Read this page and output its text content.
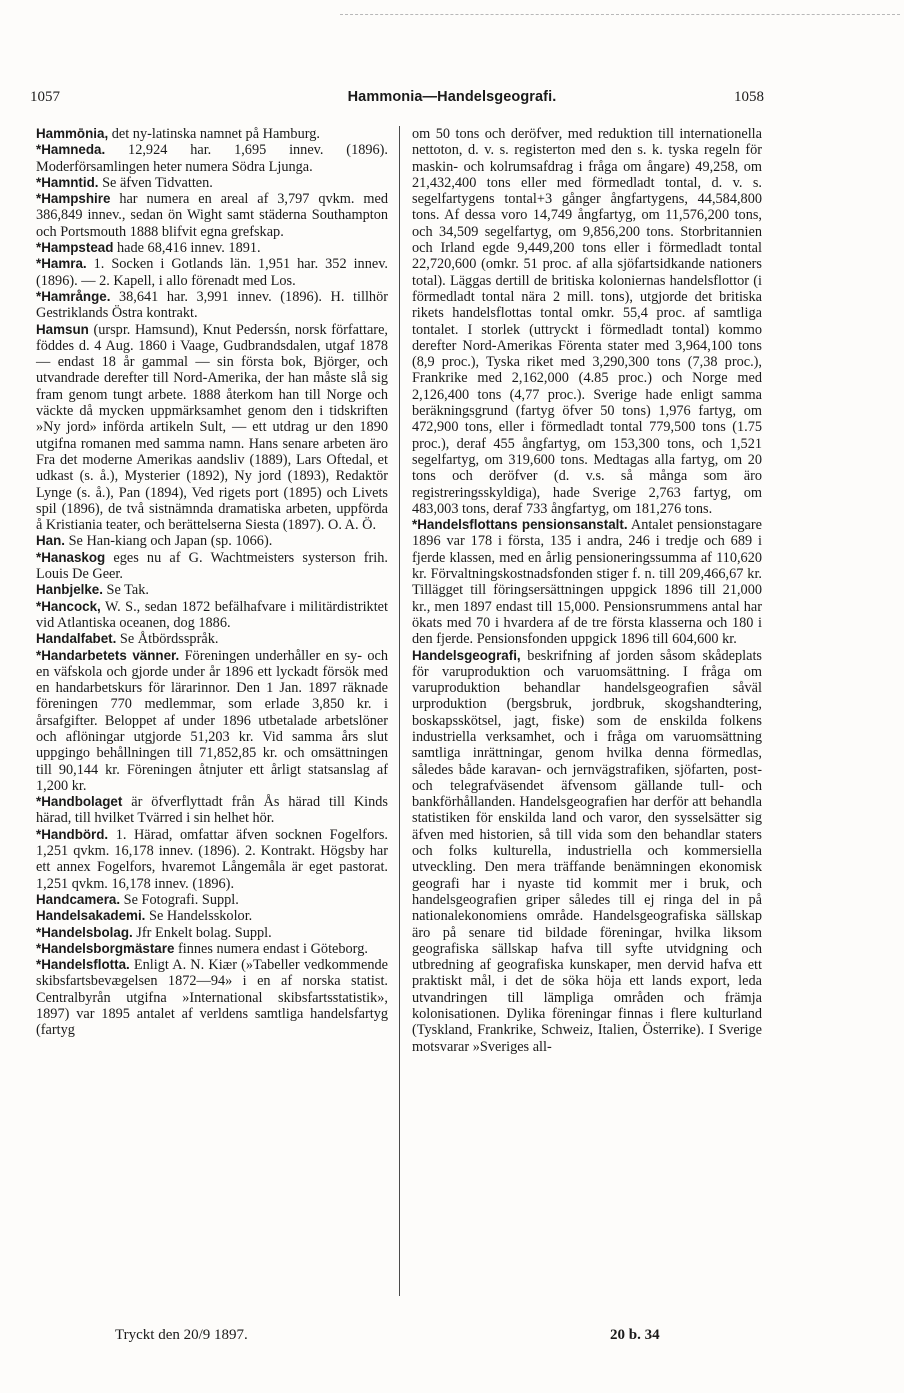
1057	Hammonia—Handelsgeografi.	1058

Hammōnia, det ny-latinska namnet på Hamburg.

*Hamneda. 12,924 har. 1,695 innev. (1896). Moderförsamlingen heter numera Södra Ljunga.

*Hamntid. Se äfven Tidvatten.

*Hampshire har numera en areal af 3,797 qvkm. med 386,849 innev., sedan ön Wight samt städerna Southampton och Portsmouth 1888 blifvit egna grefskap.

*Hampstead hade 68,416 innev. 1891.

*Hamra. 1. Socken i Gotlands län. 1,951 har. 352 innev. (1896). — 2. Kapell, i allo förenadt med Los.

*Hamrånge. 38,641 har. 3,991 innev. (1896). H. tillhör Gestriklands Östra kontrakt.

Hamsun (urspr. Hamsund), Knut Pedersśn, norsk författare, föddes d. 4 Aug. 1860 i Vaage, Gudbrandsdalen, utgaf 1878 — endast 18 år gammal — sin första bok, Björger, och utvandrade derefter till Nord-Amerika, der han måste slå sig fram genom tungt arbete. 1888 återkom han till Norge och väckte då mycken uppmärksamhet genom den i tidskriften »Ny jord» införda artikeln Sult, — ett utdrag ur den 1890 utgifna romanen med samma namn. Hans senare arbeten äro Fra det moderne Amerikas aandsliv (1889), Lars Oftedal, et udkast (s. å.), Mysterier (1892), Ny jord (1893), Redaktör Lynge (s. å.), Pan (1894), Ved rigets port (1895) och Livets spil (1896), de två sistnämnda dramatiska arbeten, uppförda å Kristiania teater, och berättelserna Siesta (1897). O. A. Ö.

Han. Se Han-kiang och Japan (sp. 1066).

*Hanaskog eges nu af G. Wachtmeisters systerson frih. Louis De Geer.

Hanbjelke. Se Tak.

*Hancock, W. S., sedan 1872 befälhafvare i militärdistriktet vid Atlantiska oceanen, dog 1886.

Handalfabet. Se Åtbördsspråk.

*Handarbetets vänner. Föreningen underhåller en sy- och en väfskola och gjorde under år 1896 ett lyckadt försök med en handarbetskurs för lärarinnor. Den 1 Jan. 1897 räknade föreningen 770 medlemmar, som erlade 3,850 kr. i årsafgifter. Beloppet af under 1896 utbetalade arbetslöner och aflöningar utgjorde 51,203 kr. Vid samma års slut uppgingo behållningen till 71,852,85 kr. och omsättningen till 90,144 kr. Föreningen åtnjuter ett årligt statsanslag af 1,200 kr.

*Handbolaget är öfverflyttadt från Ås härad till Kinds härad, till hvilket Tvärred i sin helhet hör.

*Handbörd. 1. Härad, omfattar äfven socknen Fogelfors. 1,251 qvkm. 16,178 innev. (1896). 2. Kontrakt. Högsby har ett annex Fogelfors, hvaremot Långemåla är eget pastorat. 1,251 qvkm. 16,178 innev. (1896).

Handcamera. Se Fotografi. Suppl.

Handelsakademi. Se Handelsskolor.

*Handelsbolag. Jfr Enkelt bolag. Suppl.

*Handelsborgmästare finnes numera endast i Göteborg.

*Handelsflotta. Enligt A. N. Kiær (»Tabeller vedkommende skibsfartsbevægelsen 1872—94» i en af norska statist. Centralbyrån utgifna »International skibsfartsstatistik», 1897) var 1895 antalet af verldens samtliga handelsfartyg (fartyg

om 50 tons och deröfver, med reduktion till internationella nettoton, d. v. s. registerton med den s. k. tyska regeln för maskin- och kolrumsafdrag i fråga om ångare) 49,258, om 21,432,400 tons eller med förmedladt tontal, d. v. s. segelfartygens tontal+3 gånger ångfartygens, 44,584,800 tons. Af dessa voro 14,749 ångfartyg, om 11,576,200 tons, och 34,509 segelfartyg, om 9,856,200 tons. Storbritannien och Irland egde 9,449,200 tons eller i förmedladt tontal 22,720,600 (omkr. 51 proc. af alla sjöfartsidkande nationers total). Läggas dertill de britiska koloniernas handelsflottor (i förmedladt tontal nära 2 mill. tons), utgjorde det britiska rikets handelsflottas tontal omkr. 55,4 proc. af samtliga tontalet. I storlek (uttryckt i förmedladt tontal) kommo derefter Nord-Amerikas Förenta stater med 3,964,100 tons (8,9 proc.), Tyska riket med 3,290,300 tons (7,38 proc.), Frankrike med 2,162,000 (4.85 proc.) och Norge med 2,126,400 tons (4,77 proc.). Sverige hade enligt samma beräkningsgrund (fartyg öfver 50 tons) 1,976 fartyg, om 472,900 tons, eller i förmedladt tontal 779,500 tons (1.75 proc.), deraf 455 ångfartyg, om 153,300 tons, och 1,521 segelfartyg, om 319,600 tons. Medtagas alla fartyg, om 20 tons och deröfver (d. v.s. så många som äro registreringsskyldiga), hade Sverige 2,763 fartyg, om 483,003 tons, deraf 733 ångfartyg, om 181,276 tons.

*Handelsflottans pensionsanstalt. Antalet pensionstagare 1896 var 178 i första, 135 i andra, 246 i tredje och 689 i fjerde klassen, med en årlig pensioneringssumma af 110,620 kr. Förvaltningskostnadsfonden stiger f. n. till 209,466,67 kr. Tillägget till föringsersättningen uppgick 1896 till 21,000 kr., men 1897 endast till 15,000. Pensionsrummens antal har ökats med 70 i hvardera af de tre första klasserna och 180 i den fjerde. Pensionsfonden uppgick 1896 till 604,600 kr.

Handelsgeografi, beskrifning af jorden såsom skådeplats för varuproduktion och varuomsättning. I fråga om varuproduktion behandlar handelsgeografien såväl urproduktion (bergsbruk, jordbruk, skogshandtering, boskapsskötsel, jagt, fiske) som de enskilda folkens industriella verksamhet, och i fråga om varuomsättning samtliga inrättningar, genom hvilka denna förmedlas, således både karavan- och jernvägstrafiken, sjöfarten, post- och telegrafväsendet äfvensom gällande tull- och bankförhållanden. Handelsgeografien har derför att behandla statistiken för enskilda land och varor, den sysselsätter sig äfven med historien, så till vida som den behandlar staters och folks kulturella, industriella och kommersiella utveckling. Den mera träffande benämningen ekonomisk geografi har i nyaste tid kommit mer i bruk, och handelsgeografien griper således till ej ringa del in på nationalekonomiens område. Handelsgeografiska sällskap äro på senare tid bildade föreningar, hvilka liksom geografiska sällskap hafva till syfte utvidgning och utbredning af geografiska kunskaper, men dervid hafva ett praktiskt mål, i det de söka höja ett lands export, leda utvandringen till lämpliga områden och främja kolonisationen. Dylika föreningar finnas i flere kulturland (Tyskland, Frankrike, Schweiz, Italien, Österrike). I Sverige motsvarar »Sveriges all-

Tryckt den 20/9 1897.	20 b. 34
